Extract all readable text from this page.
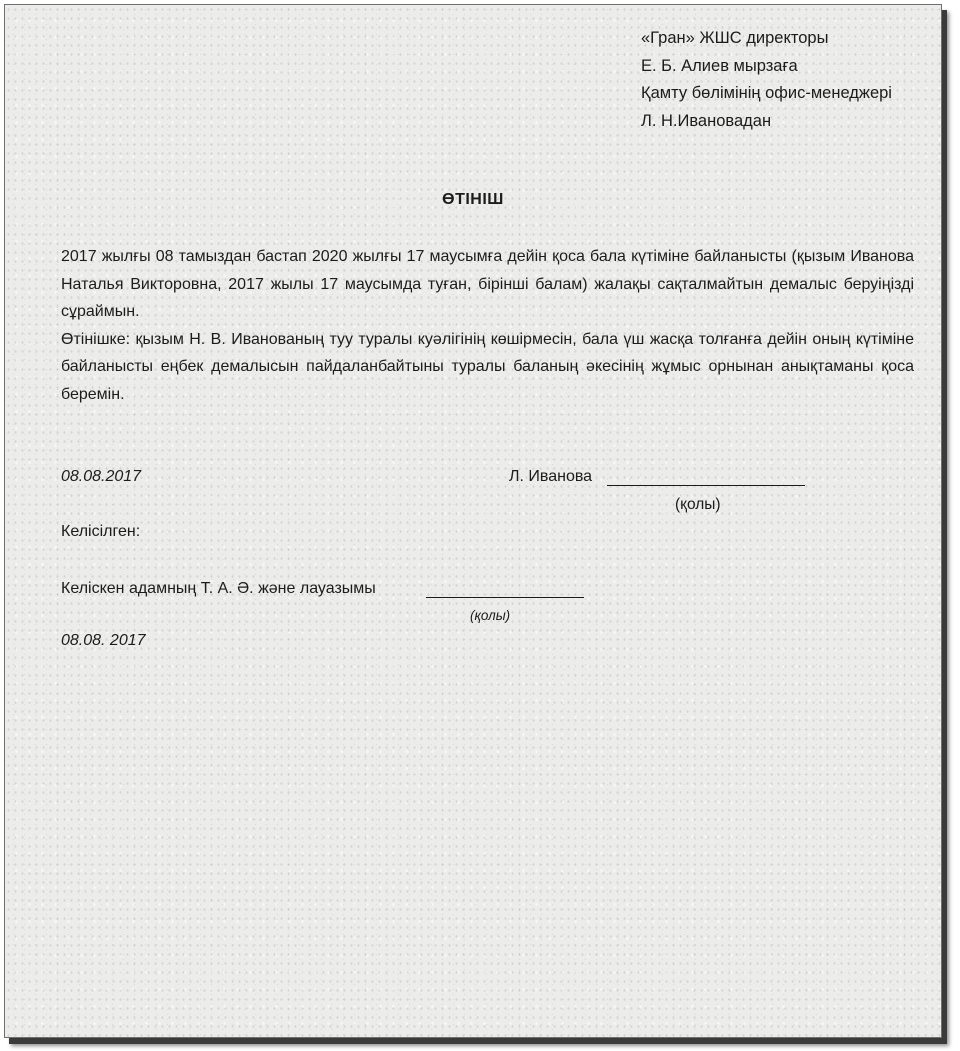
«Гран» ЖШС директоры
Е. Б. Алиев мырзаға
Қамту бөлімінің офис-менеджері
Л. Н.Ивановадан
ӨТІНІШ

2017 жылғы 08 тамыздан бастап 2020 жылғы 17 маусымға дейін қоса бала күтіміне байланысты (қызым Иванова Наталья Викторовна, 2017 жылы 17 маусымда туған, бірінші балам) жалақы сақталмайтын демалыс беруіңізді сұраймын.

Өтінішке: қызым Н. В. Иванованың туу туралы куәлігінің көшірмесін, бала үш жасқа толғанға дейін оның күтіміне байланысты еңбек демалысын пайдаланбайтыны туралы баланың әкесінің жұмыс орнынан анықтаманы қоса беремін.

08.08.2017	Л. Иванова
(қолы)
Келісілген:
Келіскен адамның Т. А. Ә. және лауазымы
(қолы)
08.08. 2017
